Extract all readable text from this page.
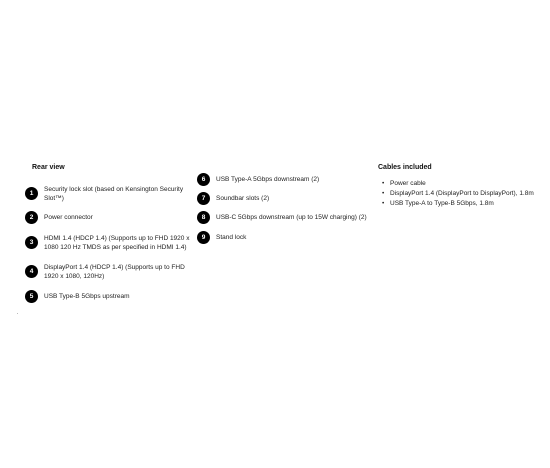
Rear view
1
Security lock slot (based on Kensington Security Slot™)
2	Power connector
3
HDMI 1.4 (HDCP 1.4) (Supports up to FHD 1920 x 1080 120 Hz TMDS as per specified in HDMI 1.4)
4
DisplayPort 1.4 (HDCP 1.4) (Supports up to FHD 1920 x 1080, 120Hz)
5	USB Type-B 5Gbps upstream
6	USB Type-A 5Gbps downstream (2)
7	Soundbar slots (2)
8	USB-C 5Gbps downstream (up to 15W charging) (2)
9	Stand lock
Cables included
• Power cable
• DisplayPort 1.4 (DisplayPort to DisplayPort), 1.8m
• USB Type-A to Type-B 5Gbps, 1.8m
